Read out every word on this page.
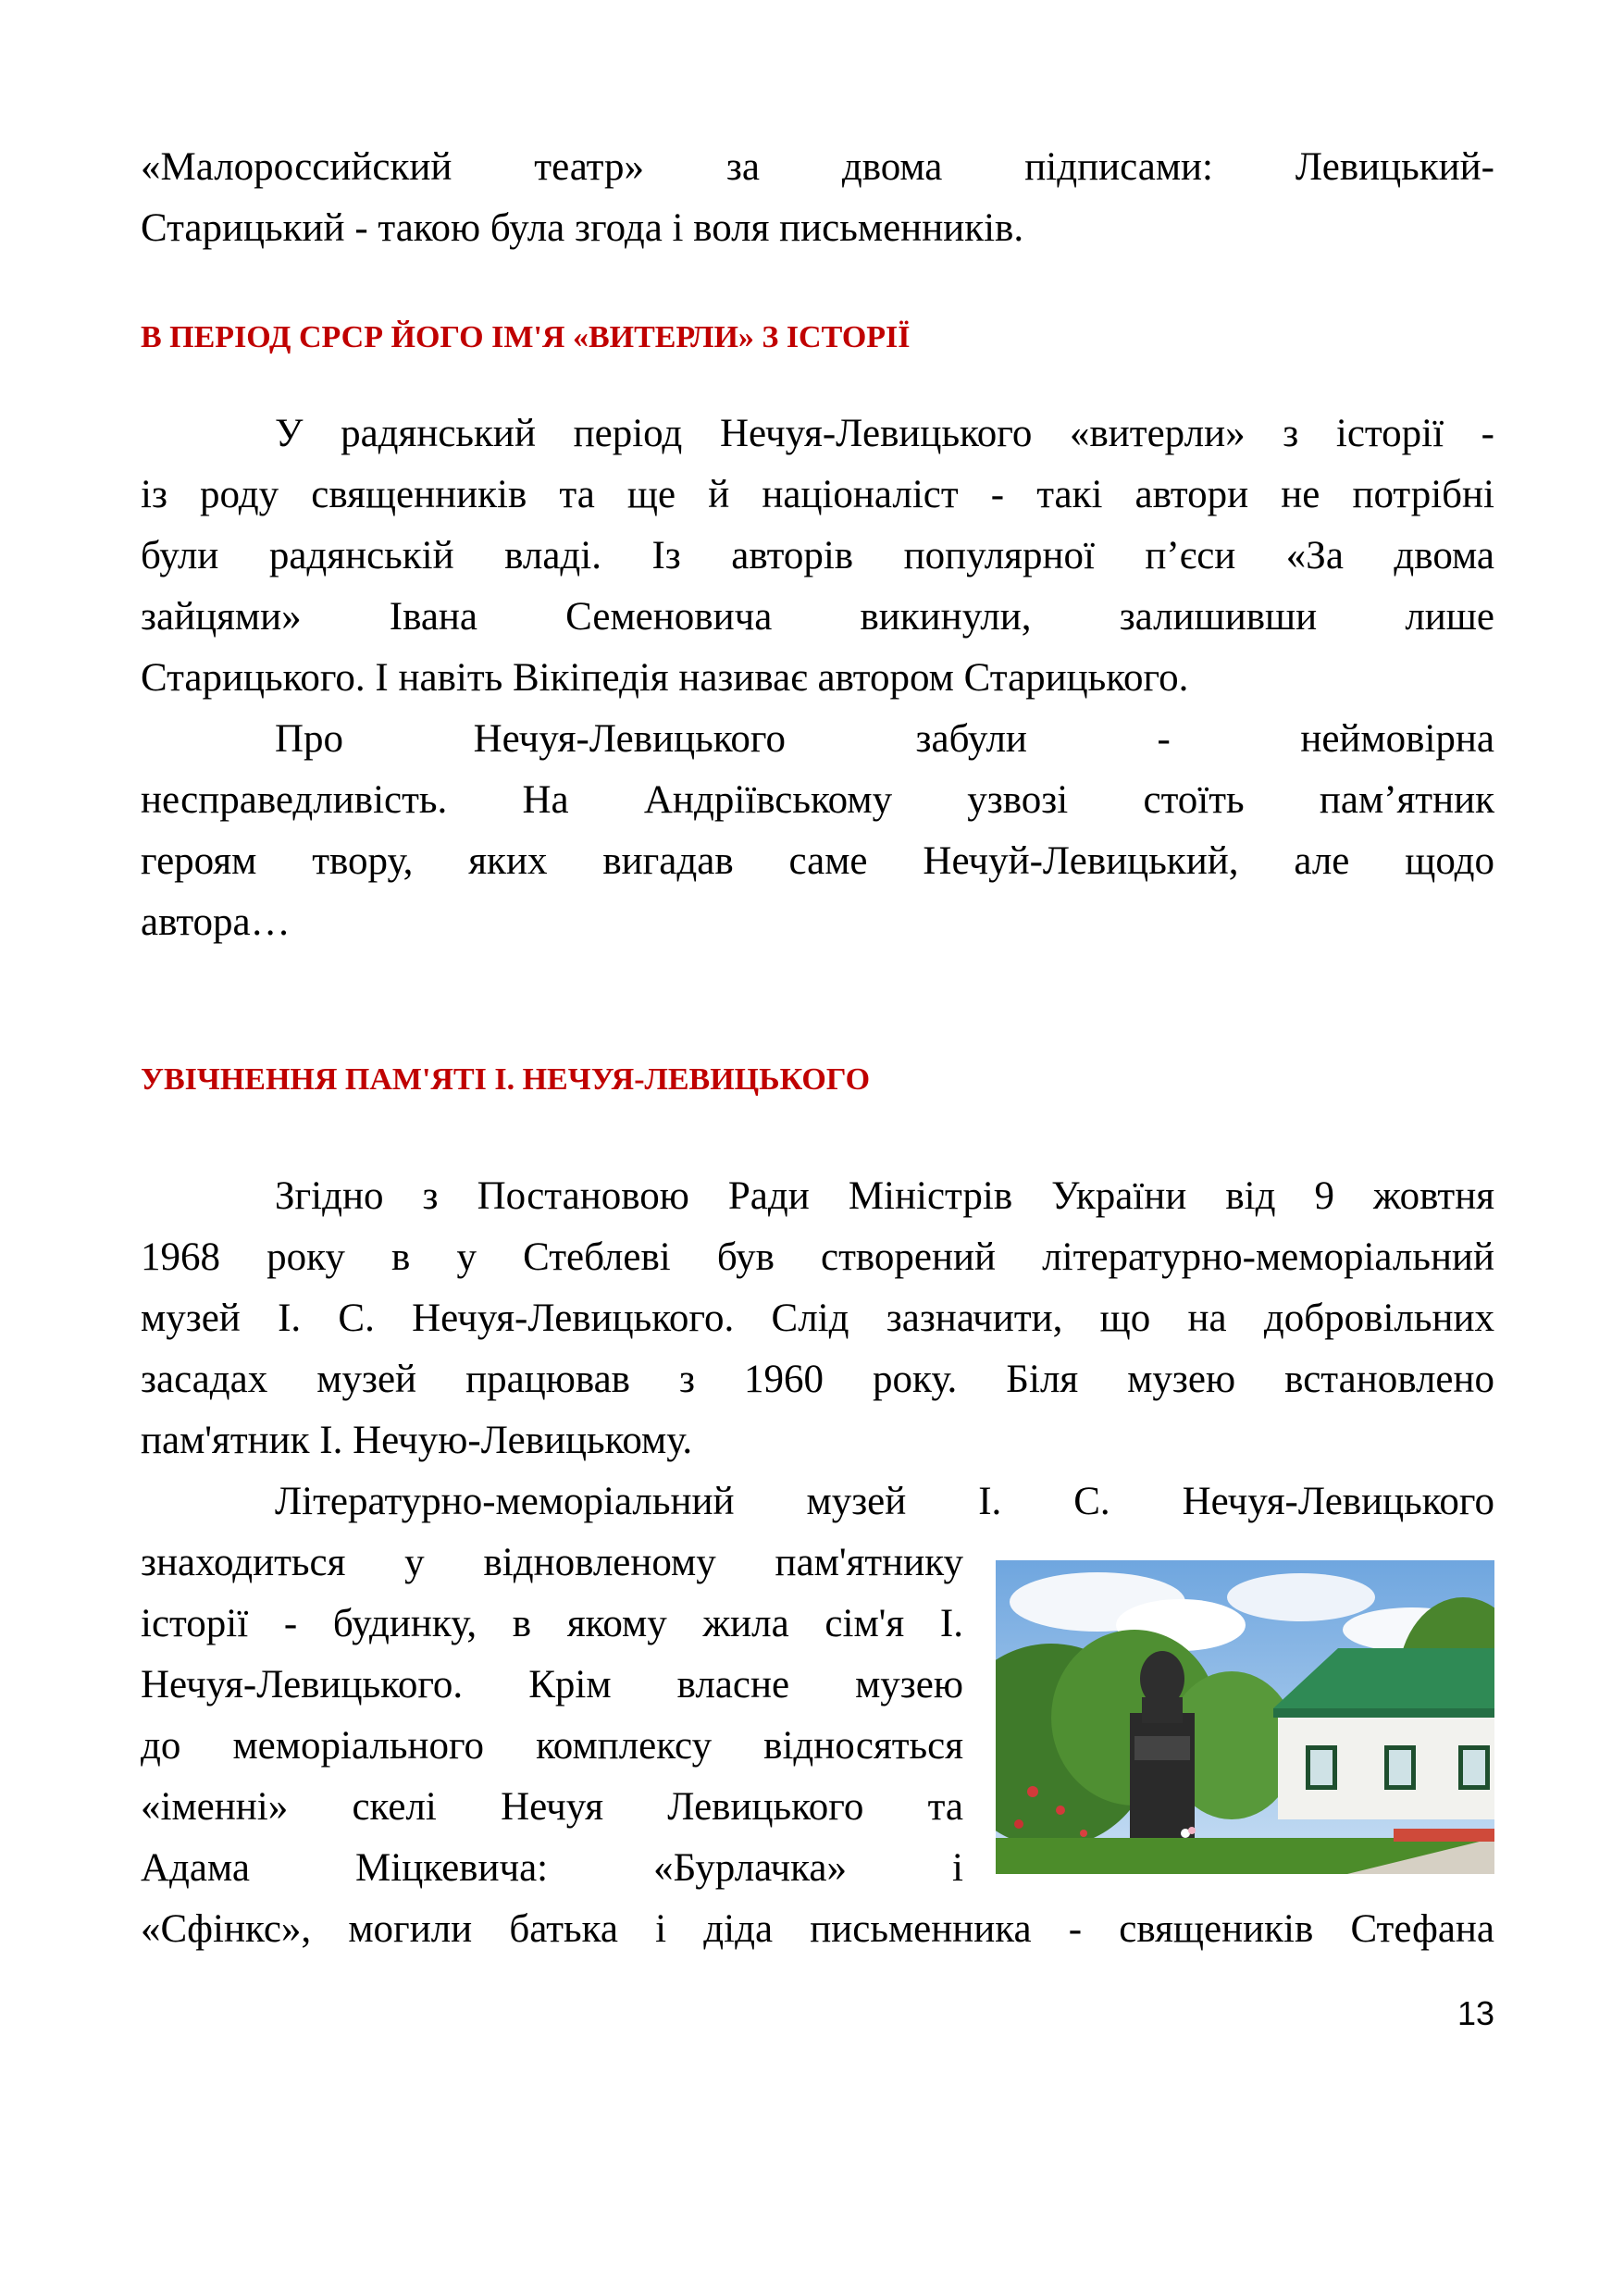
«Малороссийский театр» за двома підписами: Левицький-
Старицький - такою була згода і воля письменників.
В ПЕРІОД СРСР ЙОГО ІМ'Я «ВИТЕРЛИ» З ІСТОРІЇ
У радянський період Нечуя-Левицького «витерли» з історії -
із роду священників та ще й націоналіст - такі автори не потрібні
були радянській владі. Із авторів популярної п’єси «За двома
зайцями» Івана Семеновича викинули, залишивши лише
Старицького. І навіть Вікіпедія називає автором Старицького.
Про Нечуя-Левицького забули - неймовірна
несправедливість. На Андріївському узвозі стоїть пам’ятник
героям твору, яких вигадав саме Нечуй-Левицький, але щодо
автора…
УВІЧНЕННЯ ПАМ'ЯТІ І. НЕЧУЯ-ЛЕВИЦЬКОГО
Згідно з Постановою Ради Міністрів України від 9 жовтня
1968 року в у Стеблеві був створений літературно-меморіальний
музей І. С. Нечуя-Левицького. Слід зазначити, що на добровільних
засадах музей працював з 1960 року. Біля музею встановлено
пам'ятник І. Нечую-Левицькому.
Літературно-меморіальний музей І. С. Нечуя-Левицького
знаходиться у відновленому пам'ятнику
історії - будинку, в якому жила сім'я І.
Нечуя-Левицького. Крім власне музею
до меморіального комплексу відносяться
«іменні» скелі Нечуя Левицького та
Адама Міцкевича: «Бурлачка» і
«Сфінкс», могили батька і діда письменника - священиків Стефана
13
